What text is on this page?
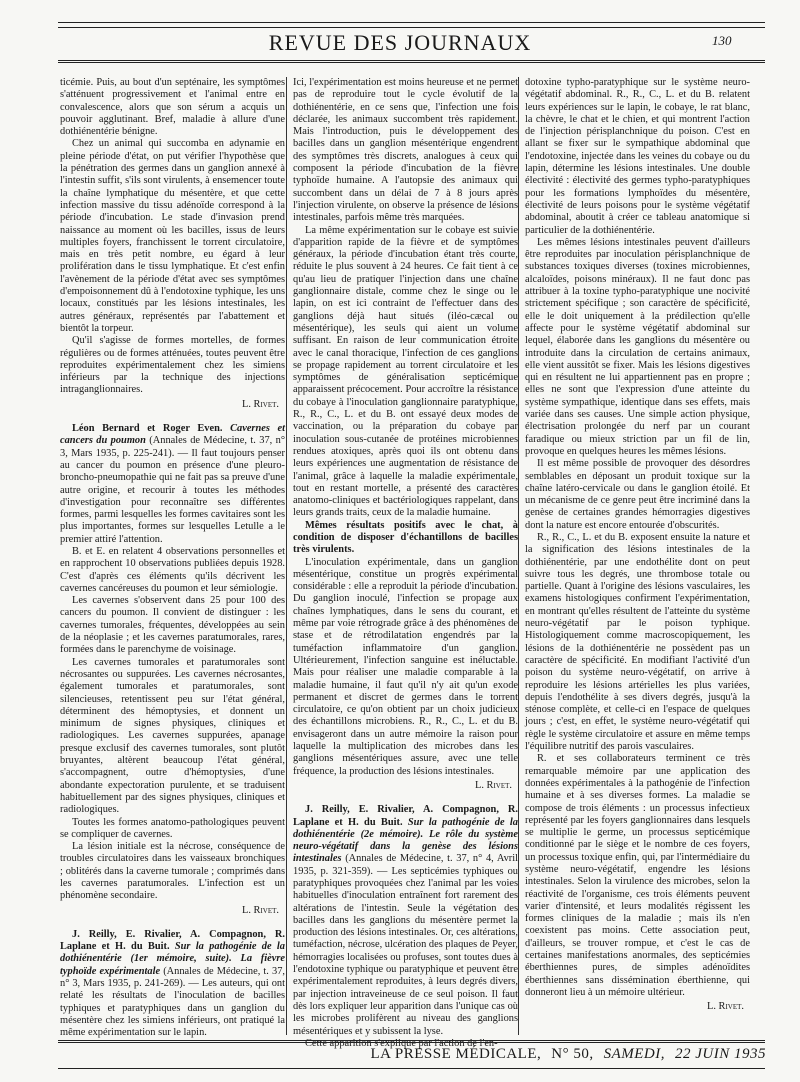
REVUE DES JOURNAUX	130

ticémie. Puis, au bout d'un septénaire, les symptômes s'atténuent progressivement et l'animal entre en convalescence, alors que son sérum a acquis un pouvoir agglutinant. Bref, maladie à allure d'une dothiénentérie bénigne.

Chez un animal qui succomba en adynamie en pleine période d'état, on put vérifier l'hypothèse que la pénétration des germes dans un ganglion annexé à l'intestin suffit, s'ils sont virulents, à ensemencer toute la chaîne lymphatique du mésentère, et que cette infection massive du tissu adénoïde correspond à la période d'incubation. Le stade d'invasion prend naissance au moment où les bacilles, issus de leurs multiples foyers, franchissent le torrent circulatoire, mais en très petit nombre, eu égard à leur prolifération dans le tissu lymphatique. Et c'est enfin l'avènement de la période d'état avec ses symptômes d'empoisonnement dû à l'endotoxine typhique, les uns locaux, constitués par les lésions intestinales, les autres généraux, représentés par l'abattement et bientôt la torpeur.

Qu'il s'agisse de formes mortelles, de formes régulières ou de formes atténuées, toutes peuvent être reproduites expérimentalement chez les simiens inférieurs par la technique des injections intraganglionnaires.

L. Rivet.

Léon Bernard et Roger Even. Cavernes et cancers du poumon (Annales de Médecine, t. 37, n° 3, Mars 1935, p. 225-241). — Il faut toujours penser au cancer du poumon en présence d'une pleuro-broncho-pneumopathie qui ne fait pas sa preuve d'une autre origine, et recourir à toutes les méthodes d'investigation pour reconnaître ses différentes formes, parmi lesquelles les formes cavitaires sont les plus importantes, formes sur lesquelles Letulle a le premier attiré l'attention.

B. et E. en relatent 4 observations personnelles et en rapprochent 10 observations publiées depuis 1928. C'est d'après ces éléments qu'ils décrivent les cavernes cancéreuses du poumon et leur sémiologie.

Les cavernes s'observent dans 25 pour 100 des cancers du poumon. Il convient de distinguer : les cavernes tumorales, fréquentes, développées au sein de la néoplasie ; et les cavernes paratumorales, rares, formées dans le parenchyme de voisinage.

Les cavernes tumorales et paratumorales sont nécrosantes ou suppurées. Les cavernes nécrosantes, également tumorales et paratumorales, sont silencieuses, retentissent peu sur l'état général, déterminent des hémoptysies, et donnent un minimum de signes physiques, cliniques et radiologiques. Les cavernes suppurées, apanage presque exclusif des cavernes tumorales, sont plutôt bruyantes, altèrent beaucoup l'état général, s'accompagnent, outre d'hémoptysies, d'une abondante expectoration purulente, et se traduisent habituellement par des signes physiques, cliniques et radiologiques.

Toutes les formes anatomo-pathologiques peuvent se compliquer de cavernes.

La lésion initiale est la nécrose, conséquence de troubles circulatoires dans les vaisseaux bronchiques ; oblitérés dans la caverne tumorale ; comprimés dans les cavernes paratumorales. L'infection est un phénomène secondaire.

L. Rivet.

J. Reilly, E. Rivalier, A. Compagnon, R. Laplane et H. du Buit. Sur la pathogénie de la dothiénentérie (1er mémoire, suite). La fièvre typhoïde expérimentale (Annales de Médecine, t. 37, n° 3, Mars 1935, p. 241-269). — Les auteurs, qui ont relaté les résultats de l'inoculation de bacilles typhiques et paratyphiques dans un ganglion du mésentère chez les simiens inférieurs, ont pratiqué la même expérimentation sur le lapin.

Ici, l'expérimentation est moins heureuse et ne permet pas de reproduire tout le cycle évolutif de la dothiénentérie, en ce sens que, l'infection une fois déclarée, les animaux succombent très rapidement. Mais l'introduction, puis le développement des bacilles dans un ganglion mésentérique engendrent des symptômes très discrets, analogues à ceux qui composent la période d'incubation de la fièvre typhoïde humaine. A l'autopsie des animaux qui succombent dans un délai de 7 à 8 jours après l'injection virulente, on observe la présence de lésions intestinales, parfois même très marquées.

La même expérimentation sur le cobaye est suivie d'apparition rapide de la fièvre et de symptômes généraux, la période d'incubation étant très courte, réduite le plus souvent à 24 heures. Ce fait tient à ce qu'au lieu de pratiquer l'injection dans une chaîne ganglionnaire distale, comme chez le singe ou le lapin, on est ici contraint de l'effectuer dans des ganglions déjà haut situés (iléo-cæcal ou mésentérique), les seuls qui aient un volume suffisant. En raison de leur communication étroite avec le canal thoracique, l'infection de ces ganglions se propage rapidement au torrent circulatoire et les symptômes de généralisation septicémique apparaissent précocement. Pour accroître la résistance du cobaye à l'inoculation ganglionnaire paratyphique, R., R., C., L. et du B. ont essayé deux modes de vaccination, ou la préparation du cobaye par inoculation sous-cutanée de protéines microbiennes rendues atoxiques, après quoi ils ont obtenu dans leurs expériences une augmentation de résistance de l'animal, grâce à laquelle la maladie expérimentale, tout en restant mortelle, a présenté des caractères anatomo-cliniques et bactériologiques rappelant, dans leurs grands traits, ceux de la maladie humaine.

Mêmes résultats positifs avec le chat, à condition de disposer d'échantillons de bacilles très virulents.

L'inoculation expérimentale, dans un ganglion mésentérique, constitue un progrès expérimental considérable : elle a reproduit la période d'incubation. Du ganglion inoculé, l'infection se propage aux chaînes lymphatiques, dans le sens du courant, et même par voie rétrograde grâce à des phénomènes de stase et de rétrodilatation engendrés par la tuméfaction inflammatoire d'un ganglion. Ultérieurement, l'infection sanguine est inéluctable. Mais pour réaliser une maladie comparable à la maladie humaine, il faut qu'il n'y ait qu'un exode permanent et discret de germes dans le torrent circulatoire, ce qu'on obtient par un choix judicieux des échantillons microbiens. R., R., C., L. et du B. envisageront dans un autre mémoire la raison pour laquelle la multiplication des microbes dans les ganglions mésentériques assure, avec une telle fréquence, la production des lésions intestinales.

L. Rivet.

J. Reilly, E. Rivalier, A. Compagnon, R. Laplane et H. du Buit. Sur la pathogénie de la dothiénentérie (2e mémoire). Le rôle du système neuro-végétatif dans la genèse des lésions intestinales (Annales de Médecine, t. 37, n° 4, Avril 1935, p. 321-359). — Les septicémies typhiques ou paratyphiques provoquées chez l'animal par les voies habituelles d'inoculation entraînent fort rarement des altérations de l'intestin. Seule la végétation des bacilles dans les ganglions du mésentère permet la production des lésions intestinales. Or, ces altérations, tuméfaction, nécrose, ulcération des plaques de Peyer, hémorragies localisées ou profuses, sont toutes dues à l'endotoxine typhique ou paratyphique et peuvent être expérimentalement reproduites, à leurs degrés divers, par injection intraveineuse de ce seul poison. Il faut dès lors expliquer leur apparition dans l'unique cas où les microbes prolifèrent au niveau des ganglions mésentériques et y subissent la lyse.

Cette apparition s'explique par l'action de l'en-

dotoxine typho-paratyphique sur le système neuro-végétatif abdominal. R., R., C., L. et du B. relatent leurs expériences sur le lapin, le cobaye, le rat blanc, la chèvre, le chat et le chien, et qui montrent l'action de l'injection périsplanchnique du poison. C'est en allant se fixer sur le sympathique abdominal que l'endotoxine, injectée dans les veines du cobaye ou du lapin, détermine les lésions intestinales. Une double électivité : électivité des germes typho-paratyphiques pour les formations lymphoïdes du mésentère, électivité de leurs poisons pour le système végétatif abdominal, aboutit à créer ce tableau anatomique si particulier de la dothiénentérie.

Les mêmes lésions intestinales peuvent d'ailleurs être reproduites par inoculation périsplanchnique de substances toxiques diverses (toxines microbiennes, alcaloïdes, poisons minéraux). Il ne faut donc pas attribuer à la toxine typho-paratyphique une nocivité strictement spécifique ; son caractère de spécificité, elle le doit uniquement à la prédilection qu'elle affecte pour le système végétatif abdominal sur lequel, élaborée dans les ganglions du mésentère ou introduite dans la circulation de certains animaux, elle vient aussitôt se fixer. Mais les lésions digestives qui en résultent ne lui appartiennent pas en propre ; elles ne sont que l'expression d'une atteinte du système sympathique, identique dans ses effets, mais variée dans ses causes. Une simple action physique, électrisation prolongée du nerf par un courant faradique ou mieux striction par un fil de lin, provoque en quelques heures les mêmes lésions.

Il est même possible de provoquer des désordres semblables en déposant un produit toxique sur la chaîne latéro-cervicale ou dans le ganglion étoilé. Et un mécanisme de ce genre peut être incriminé dans la genèse de certaines grandes hémorragies digestives dont la nature est encore entourée d'obscurités.

R., R., C., L. et du B. exposent ensuite la nature et la signification des lésions intestinales de la dothiénentérie, par une endothélite dont on peut suivre tous les degrés, une thrombose totale ou partielle. Quant à l'origine des lésions vasculaires, les examens histologiques confirment l'expérimentation, en montrant qu'elles résultent de l'atteinte du système neuro-végétatif par le poison typhique. Histologiquement comme macroscopiquement, les lésions de la dothiénentérie ne possèdent pas un caractère de spécificité. En modifiant l'activité d'un poison du système neuro-végétatif, on arrive à reproduire les lésions artérielles les plus variées, depuis l'endothélite à ses divers degrés, jusqu'à la sténose complète, et celle-ci en l'espace de quelques jours ; c'est, en effet, le système neuro-végétatif qui règle le système circulatoire et assure en même temps l'équilibre nutritif des parois vasculaires.

R. et ses collaborateurs terminent ce très remarquable mémoire par une application des données expérimentales à la pathogénie de l'infection humaine et à ses diverses formes. La maladie se compose de trois éléments : un processus infectieux représenté par les foyers ganglionnaires dans lesquels se multiplie le germe, un processus septicémique conditionné par le siège et le nombre de ces foyers, un processus toxique enfin, qui, par l'intermédiaire du système neuro-végétatif, engendre les lésions intestinales. Selon la virulence des microbes, selon la réactivité de l'organisme, ces trois éléments peuvent varier d'intensité, et leurs modalités régissent les formes cliniques de la maladie ; mais ils n'en coexistent pas moins. Cette association peut, d'ailleurs, se trouver rompue, et c'est le cas de certaines manifestations anormales, des septicémies éberthiennes pures, de simples adénoïdites éberthiennes sans dissémination éberthienne, qui donneront lieu à un mémoire ultérieur.

L. Rivet.

LA PRESSE MÉDICALE, N° 50, SAMEDI, 22 JUIN 1935
